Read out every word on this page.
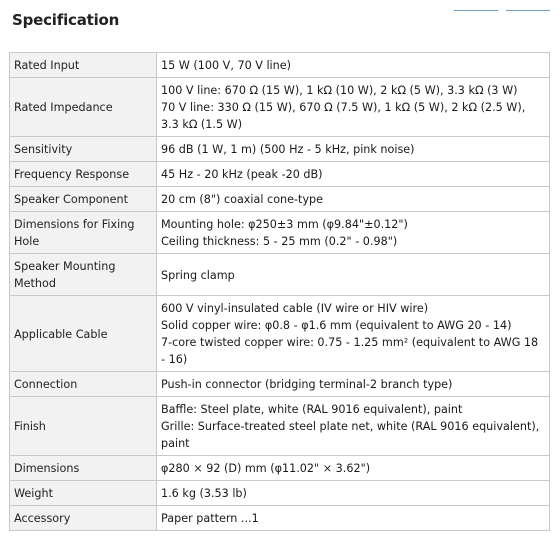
Specification
Rated Input	15 W (100 V, 70 V line)

Rated Impedance	100 V line: 670 Ω (15 W), 1 kΩ (10 W), 2 kΩ (5 W), 3.3 kΩ (3 W)
70 V line: 330 Ω (15 W), 670 Ω (7.5 W), 1 kΩ (5 W), 2 kΩ (2.5 W),
3.3 kΩ (1.5 W)

Sensitivity	96 dB (1 W, 1 m) (500 Hz - 5 kHz, pink noise)

Frequency Response	45 Hz - 20 kHz (peak -20 dB)

Speaker Component	20 cm (8") coaxial cone-type

Dimensions for Fixing Hole	Mounting hole: φ250±3 mm (φ9.84"±0.12")
Ceiling thickness: 5 - 25 mm (0.2" - 0.98")

Speaker Mounting Method	Spring clamp

Applicable Cable	600 V vinyl-insulated cable (IV wire or HIV wire)
Solid copper wire: φ0.8 - φ1.6 mm (equivalent to AWG 20 - 14)
7-core twisted copper wire: 0.75 - 1.25 mm² (equivalent to AWG 18 - 16)

Connection	Push-in connector (bridging terminal-2 branch type)

Finish	Baffle: Steel plate, white (RAL 9016 equivalent), paint
Grille: Surface-treated steel plate net, white (RAL 9016 equivalent), paint

Dimensions	φ280 × 92 (D) mm (φ11.02" × 3.62")

Weight	1.6 kg (3.53 lb)

Accessory	Paper pattern ...1
